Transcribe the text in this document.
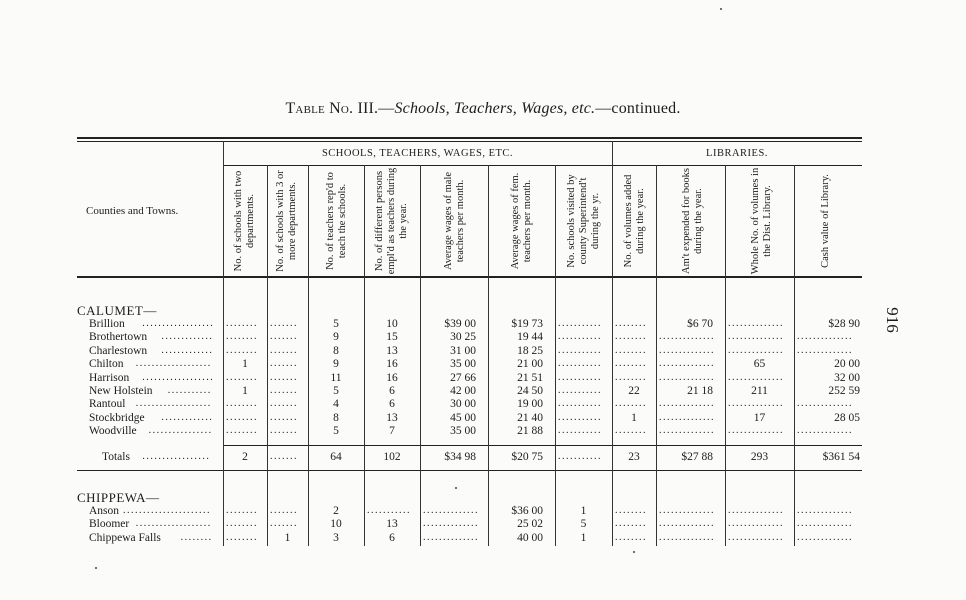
Table No. III.—Schools, Teachers, Wages, etc.—continued.
916
SCHOOLS, TEACHERS, WAGES, ETC.	LIBRARIES.
Counties and Towns.	No. of schools with two departments.	No. of schools with 3 or more departments.	No. of teachers rep'd to teach the schools.	No. of different persons empl'd as teachers during the year.	Average wages of male teachers per month.	Average wages of fem. teachers per month.	No. schools visited by county Superintend't during the yr.	No. of volumes added during the year.	Am't expended for books during the year.	Whole No. of volumes in the Dist. Library.	Cash value of Library.
CALUMET—
CHIPPEWA—
Brillion .................. ........ .......	5	10	$39 00	$19 73 ........... ........	$6 70 ..............	$28 90
Brothertown ............. ........ .......	9	15	30 25	19 44 ........... ........ .............. .............. ..............
Charlestown ............. ........ .......	8	13	31 00	18 25 ........... ........ .............. .............. ..............
Chilton ...................	1	.......	9	16	35 00	21 00 ........... ........ ..............	65	20 00
Harrison .................. ........ .......	11	16	27 66	21 51 ........... ........ .............. ..............	32 00
New Holstein ...........	1	.......	5	6	42 00	24 50 ...........	22	21 18	211	252 59
Rantoul ................... ........ .......	4	6	30 00	19 00 ........... ........ .............. .............. ..............
Stockbridge ............. ........ .......	8	13	45 00	21 40 ...........	1	..............	17	28 05
Woodville ................ ........ .......	5	7	35 00	21 88 ........... ........ .............. .............. ..............
Totals .................	2	.......	64	102	$34 98	$20 75 ...........	23	$27 88	293	$361 54
Anson ...................... ........ .......	2	........... ..............	$36 00	1	........ .............. .............. ..............
Bloomer ................... ........ .......	10	13	..............	25 02	5	........ .............. .............. ..............
Chippewa Falls ........ ........	1	3	6	..............	40 00	1	........ .............. .............. ..............
